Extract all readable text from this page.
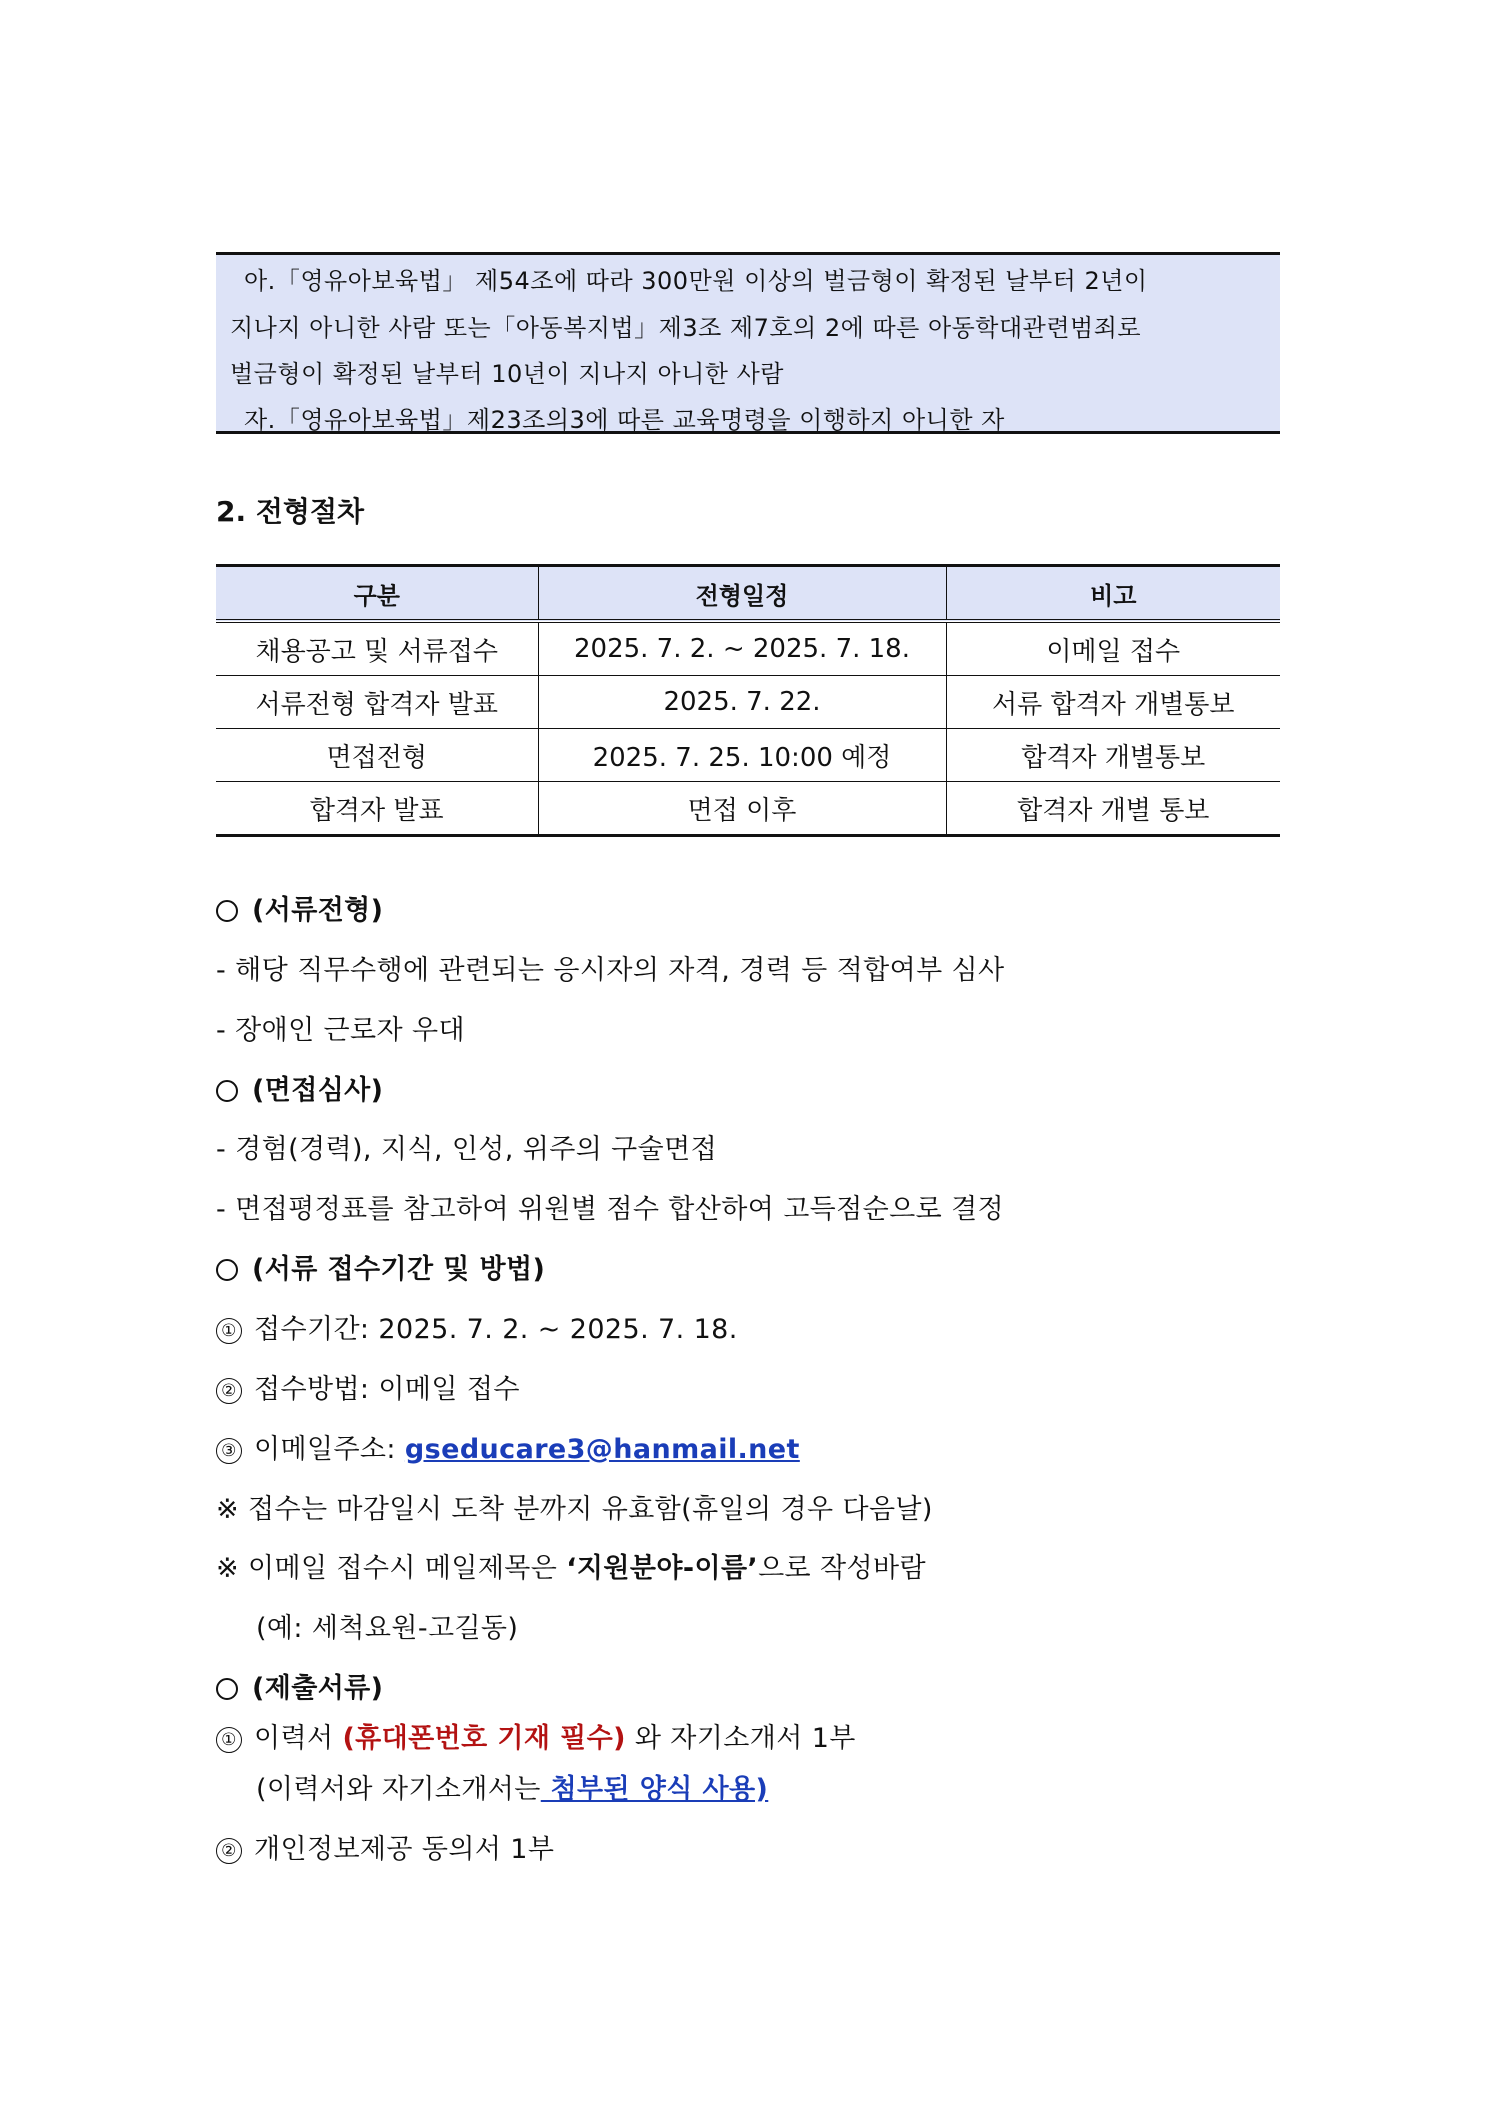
아.「영유아보육법」 제54조에 따라 300만원 이상의 벌금형이 확정된 날부터 2년이
지나지 아니한 사람 또는「아동복지법」제3조 제7호의 2에 따른 아동학대관련범죄로
벌금형이 확정된 날부터 10년이 지나지 아니한 사람
자.「영유아보육법」제23조의3에 따른 교육명령을 이행하지 아니한 자
2. 전형절차
구분	전형일정	비고
채용공고 및 서류접수	2025. 7. 2. ~ 2025. 7. 18.	이메일 접수
서류전형 합격자 발표	2025. 7. 22.	서류 합격자 개별통보
면접전형	2025. 7. 25. 10:00 예정	합격자 개별통보
합격자 발표	면접 이후	합격자 개별 통보
(서류전형)
- 해당 직무수행에 관련되는 응시자의 자격, 경력 등 적합여부 심사
- 장애인 근로자 우대
(면접심사)
- 경험(경력), 지식, 인성, 위주의 구술면접
- 면접평정표를 참고하여 위원별 점수 합산하여 고득점순으로 결정
(서류 접수기간 및 방법)
① 접수기간: 2025. 7. 2. ~ 2025. 7. 18.
② 접수방법: 이메일 접수
③ 이메일주소: gseducare3@hanmail.net
※ 접수는 마감일시 도착 분까지 유효함(휴일의 경우 다음날)
※ 이메일 접수시 메일제목은 ‘지원분야-이름’으로 작성바람
(예: 세척요원-고길동)
(제출서류)
① 이력서 (휴대폰번호 기재 필수) 와 자기소개서 1부
(이력서와 자기소개서는 첨부된 양식 사용)
② 개인정보제공 동의서 1부
